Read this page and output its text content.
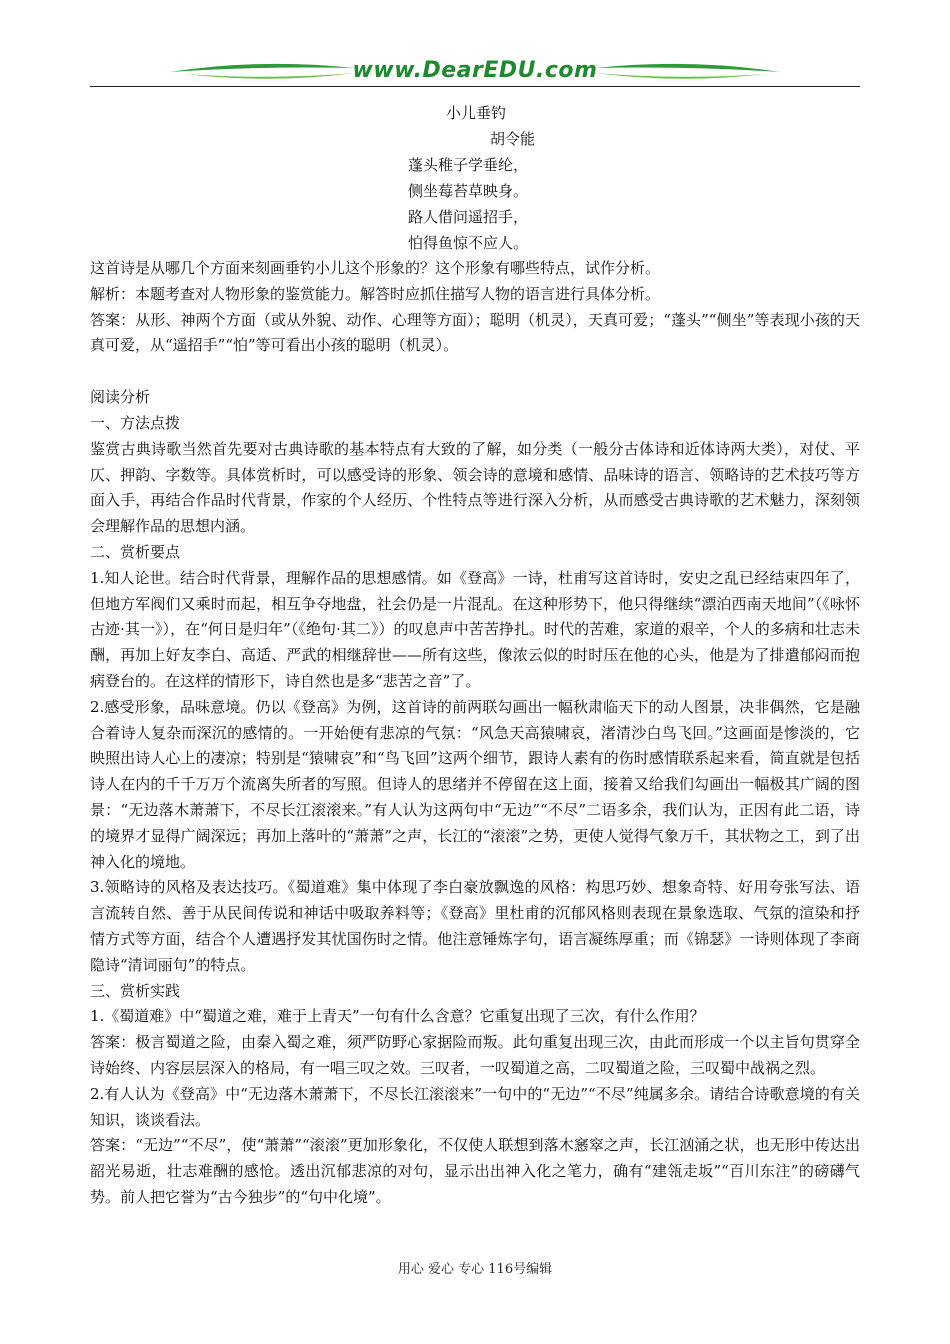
www.DearEDU.com
小儿垂钓
胡令能
蓬头稚子学垂纶，
侧坐莓苔草映身。
路人借问遥招手，
怕得鱼惊不应人。

这首诗是从哪几个方面来刻画垂钓小儿这个形象的？这个形象有哪些特点，试作分析。

解析：本题考查对人物形象的鉴赏能力。解答时应抓住描写人物的语言进行具体分析。

答案：从形、神两个方面（或从外貌、动作、心理等方面）；聪明（机灵），天真可爱；“蓬头”“侧坐”等表现小孩的天真可爱，从“遥招手”“怕”等可看出小孩的聪明（机灵）。

阅读分析

一、方法点拨

鉴赏古典诗歌当然首先要对古典诗歌的基本特点有大致的了解，如分类（一般分古体诗和近体诗两大类），对仗、平仄、押韵、字数等。具体赏析时，可以感受诗的形象、领会诗的意境和感情、品味诗的语言、领略诗的艺术技巧等方面入手，再结合作品时代背景，作家的个人经历、个性特点等进行深入分析，从而感受古典诗歌的艺术魅力，深刻领会理解作品的思想内涵。

二、赏析要点

1.知人论世。结合时代背景，理解作品的思想感情。如《登高》一诗，杜甫写这首诗时，安史之乱已经结束四年了，但地方军阀们又乘时而起，相互争夺地盘，社会仍是一片混乱。在这种形势下，他只得继续“漂泊西南天地间”（《咏怀古迹·其一》），在“何日是归年”（《绝句·其二》）的叹息声中苦苦挣扎。时代的苦难，家道的艰辛，个人的多病和壮志未酬，再加上好友李白、高适、严武的相继辞世——所有这些，像浓云似的时时压在他的心头，他是为了排遣郁闷而抱病登台的。在这样的情形下，诗自然也是多“悲苦之音”了。

2.感受形象，品味意境。仍以《登高》为例，这首诗的前两联勾画出一幅秋肃临天下的动人图景，决非偶然，它是融合着诗人复杂而深沉的感情的。一开始便有悲凉的气氛：“风急天高猿啸哀，渚清沙白鸟飞回。”这画面是惨淡的，它映照出诗人心上的凄凉；特别是“猿啸哀”和“鸟飞回”这两个细节，跟诗人素有的伤时感情联系起来看，简直就是包括诗人在内的千千万万个流离失所者的写照。但诗人的思绪并不停留在这上面，接着又给我们勾画出一幅极其广阔的图景：“无边落木萧萧下，不尽长江滚滚来。”有人认为这两句中“无边”“不尽”二语多余，我们认为，正因有此二语，诗的境界才显得广阔深远；再加上落叶的“萧萧”之声，长江的“滚滚”之势，更使人觉得气象万千，其状物之工，到了出神入化的境地。

3.领略诗的风格及表达技巧。《蜀道难》集中体现了李白豪放飘逸的风格：构思巧妙、想象奇特、好用夸张写法、语言流转自然、善于从民间传说和神话中吸取养料等；《登高》里杜甫的沉郁风格则表现在景象选取、气氛的渲染和抒情方式等方面，结合个人遭遇抒发其忧国伤时之情。他注意锤炼字句，语言凝练厚重；而《锦瑟》一诗则体现了李商隐诗“清词丽句”的特点。

三、赏析实践

1.《蜀道难》中“蜀道之难，难于上青天”一句有什么含意？它重复出现了三次，有什么作用？

答案：极言蜀道之险，由秦入蜀之难，须严防野心家据险而叛。此句重复出现三次，由此而形成一个以主旨句贯穿全诗始终、内容层层深入的格局，有一唱三叹之效。三叹者，一叹蜀道之高，二叹蜀道之险，三叹蜀中战祸之烈。

2.有人认为《登高》中“无边落木萧萧下，不尽长江滚滚来”一句中的“无边”“不尽”纯属多余。请结合诗歌意境的有关知识，谈谈看法。

答案：“无边”“不尽”，使“萧萧”“滚滚”更加形象化，不仅使人联想到落木窸窣之声，长江汹涌之状，也无形中传达出韶光易逝，壮志难酬的感怆。透出沉郁悲凉的对句，显示出出神入化之笔力，确有“建瓴走坂”“百川东注”的磅礴气势。前人把它誉为“古今独步”的“句中化境”。

用心 爱心 专心 116号编辑
